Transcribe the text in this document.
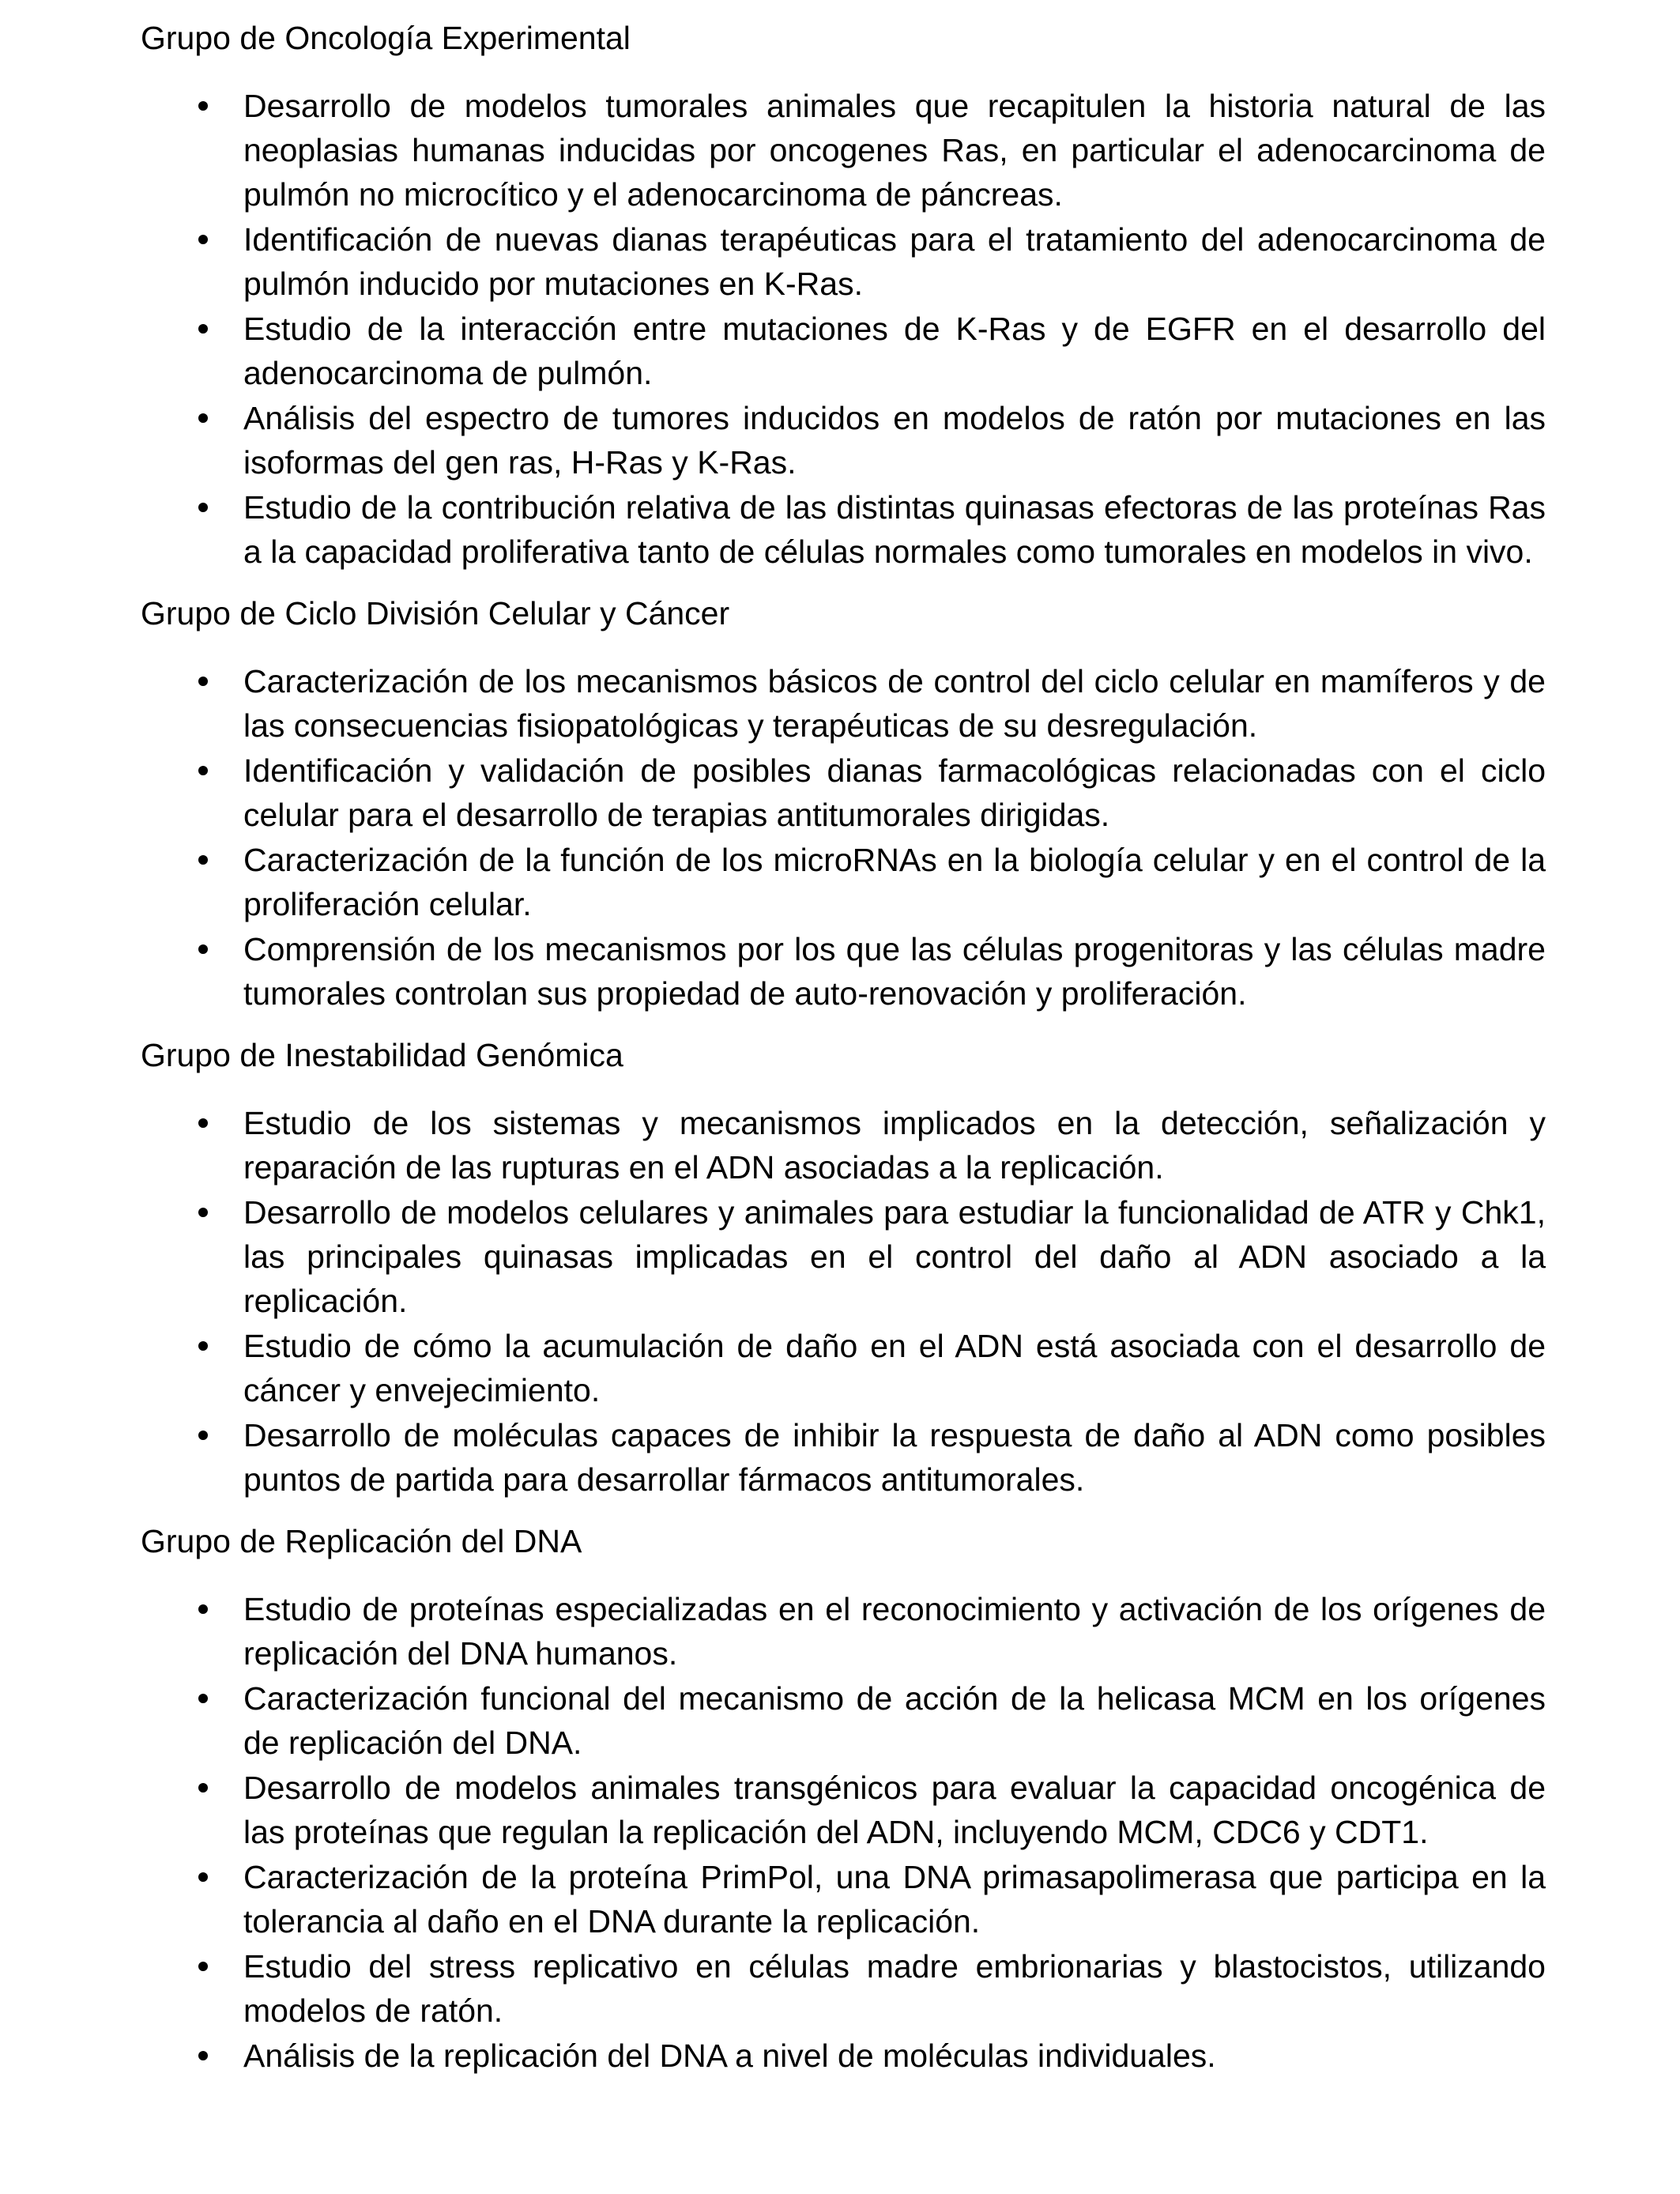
Grupo de Oncología Experimental
Desarrollo de modelos tumorales animales que recapitulen la historia natural de las neoplasias humanas inducidas por oncogenes Ras, en particular el adenocarcinoma de pulmón no microcítico y el adenocarcinoma de páncreas.
Identificación de nuevas dianas terapéuticas para el tratamiento del adenocarcinoma de pulmón inducido por mutaciones en K-Ras.
Estudio de la interacción entre mutaciones de K-Ras y de EGFR en el desarrollo del adenocarcinoma de pulmón.
Análisis del espectro de tumores inducidos en modelos de ratón por mutaciones en las isoformas del gen ras, H-Ras y K-Ras.
Estudio de la contribución relativa de las distintas quinasas efectoras de las proteínas Ras a la capacidad proliferativa tanto de células normales como tumorales en modelos in vivo.
Grupo de Ciclo División Celular y Cáncer
Caracterización de los mecanismos básicos de control del ciclo celular en mamíferos y de las consecuencias fisiopatológicas y terapéuticas de su desregulación.
Identificación y validación de posibles dianas farmacológicas relacionadas con el ciclo celular para el desarrollo de terapias antitumorales dirigidas.
Caracterización de la función de los microRNAs en la biología celular y en el control de la proliferación celular.
Comprensión de los mecanismos por los que las células progenitoras y las células madre tumorales controlan sus propiedad de auto-renovación y proliferación.
Grupo de Inestabilidad Genómica
Estudio de los sistemas y mecanismos implicados en la detección, señalización y reparación de las rupturas en el ADN asociadas a la replicación.
Desarrollo de modelos celulares y animales para estudiar la funcionalidad de ATR y Chk1, las principales quinasas implicadas en el control del daño al ADN asociado a la replicación.
Estudio de cómo la acumulación de daño en el ADN está asociada con el desarrollo de cáncer y envejecimiento.
Desarrollo de moléculas capaces de inhibir la respuesta de daño al ADN como posibles puntos de partida para desarrollar fármacos antitumorales.
Grupo de Replicación del DNA
Estudio de proteínas especializadas en el reconocimiento y activación de los orígenes de replicación del DNA humanos.
Caracterización funcional del mecanismo de acción de la helicasa MCM en los orígenes de replicación del DNA.
Desarrollo de modelos animales transgénicos para evaluar la capacidad oncogénica de las proteínas que regulan la replicación del ADN, incluyendo MCM, CDC6 y CDT1.
Caracterización de la proteína PrimPol, una DNA primasapolimerasa que participa en la tolerancia al daño en el DNA durante la replicación.
Estudio del stress replicativo en células madre embrionarias y blastocistos, utilizando modelos de ratón.
Análisis de la replicación del DNA a nivel de moléculas individuales.
